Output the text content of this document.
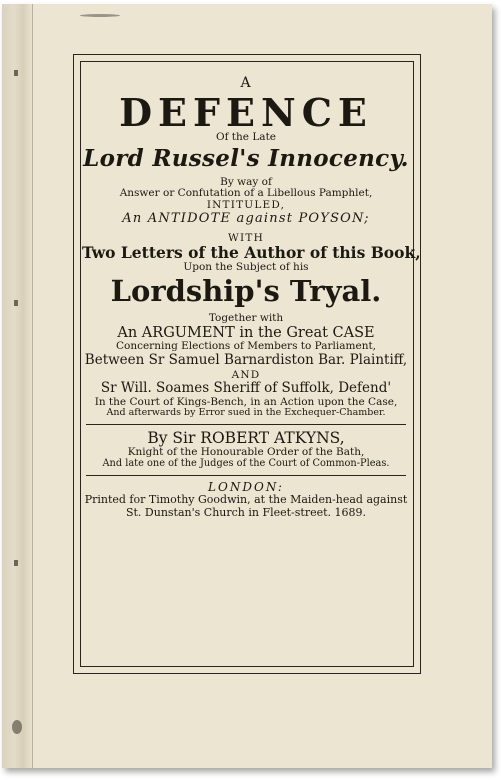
A
DEFENCE
Of the Late
Lord Russel's Innocency.
By way of
Answer or Confutation of a Libellous Pamphlet,
INTITULED,
An ANTIDOTE against POYSON;
WITH
Two Letters of the Author of this Book,
Upon the Subject of his
Lordship's Tryal.
Together with
An ARGUMENT in the Great CASE
Concerning Elections of Members to Parliament,
Between Sr Samuel Barnardiston Bar. Plaintiff,
AND
Sr Will. Soames Sheriff of Suffolk, Defend'
In the Court of Kings-Bench, in an Action upon the Case,
And afterwards by Error sued in the Exchequer-Chamber.
By Sir ROBERT ATKYNS,
Knight of the Honourable Order of the Bath,
And late one of the Judges of the Court of Common-Pleas.
LONDON:
Printed for Timothy Goodwin, at the Maiden-head against
St. Dunstan's Church in Fleet-street. 1689.
